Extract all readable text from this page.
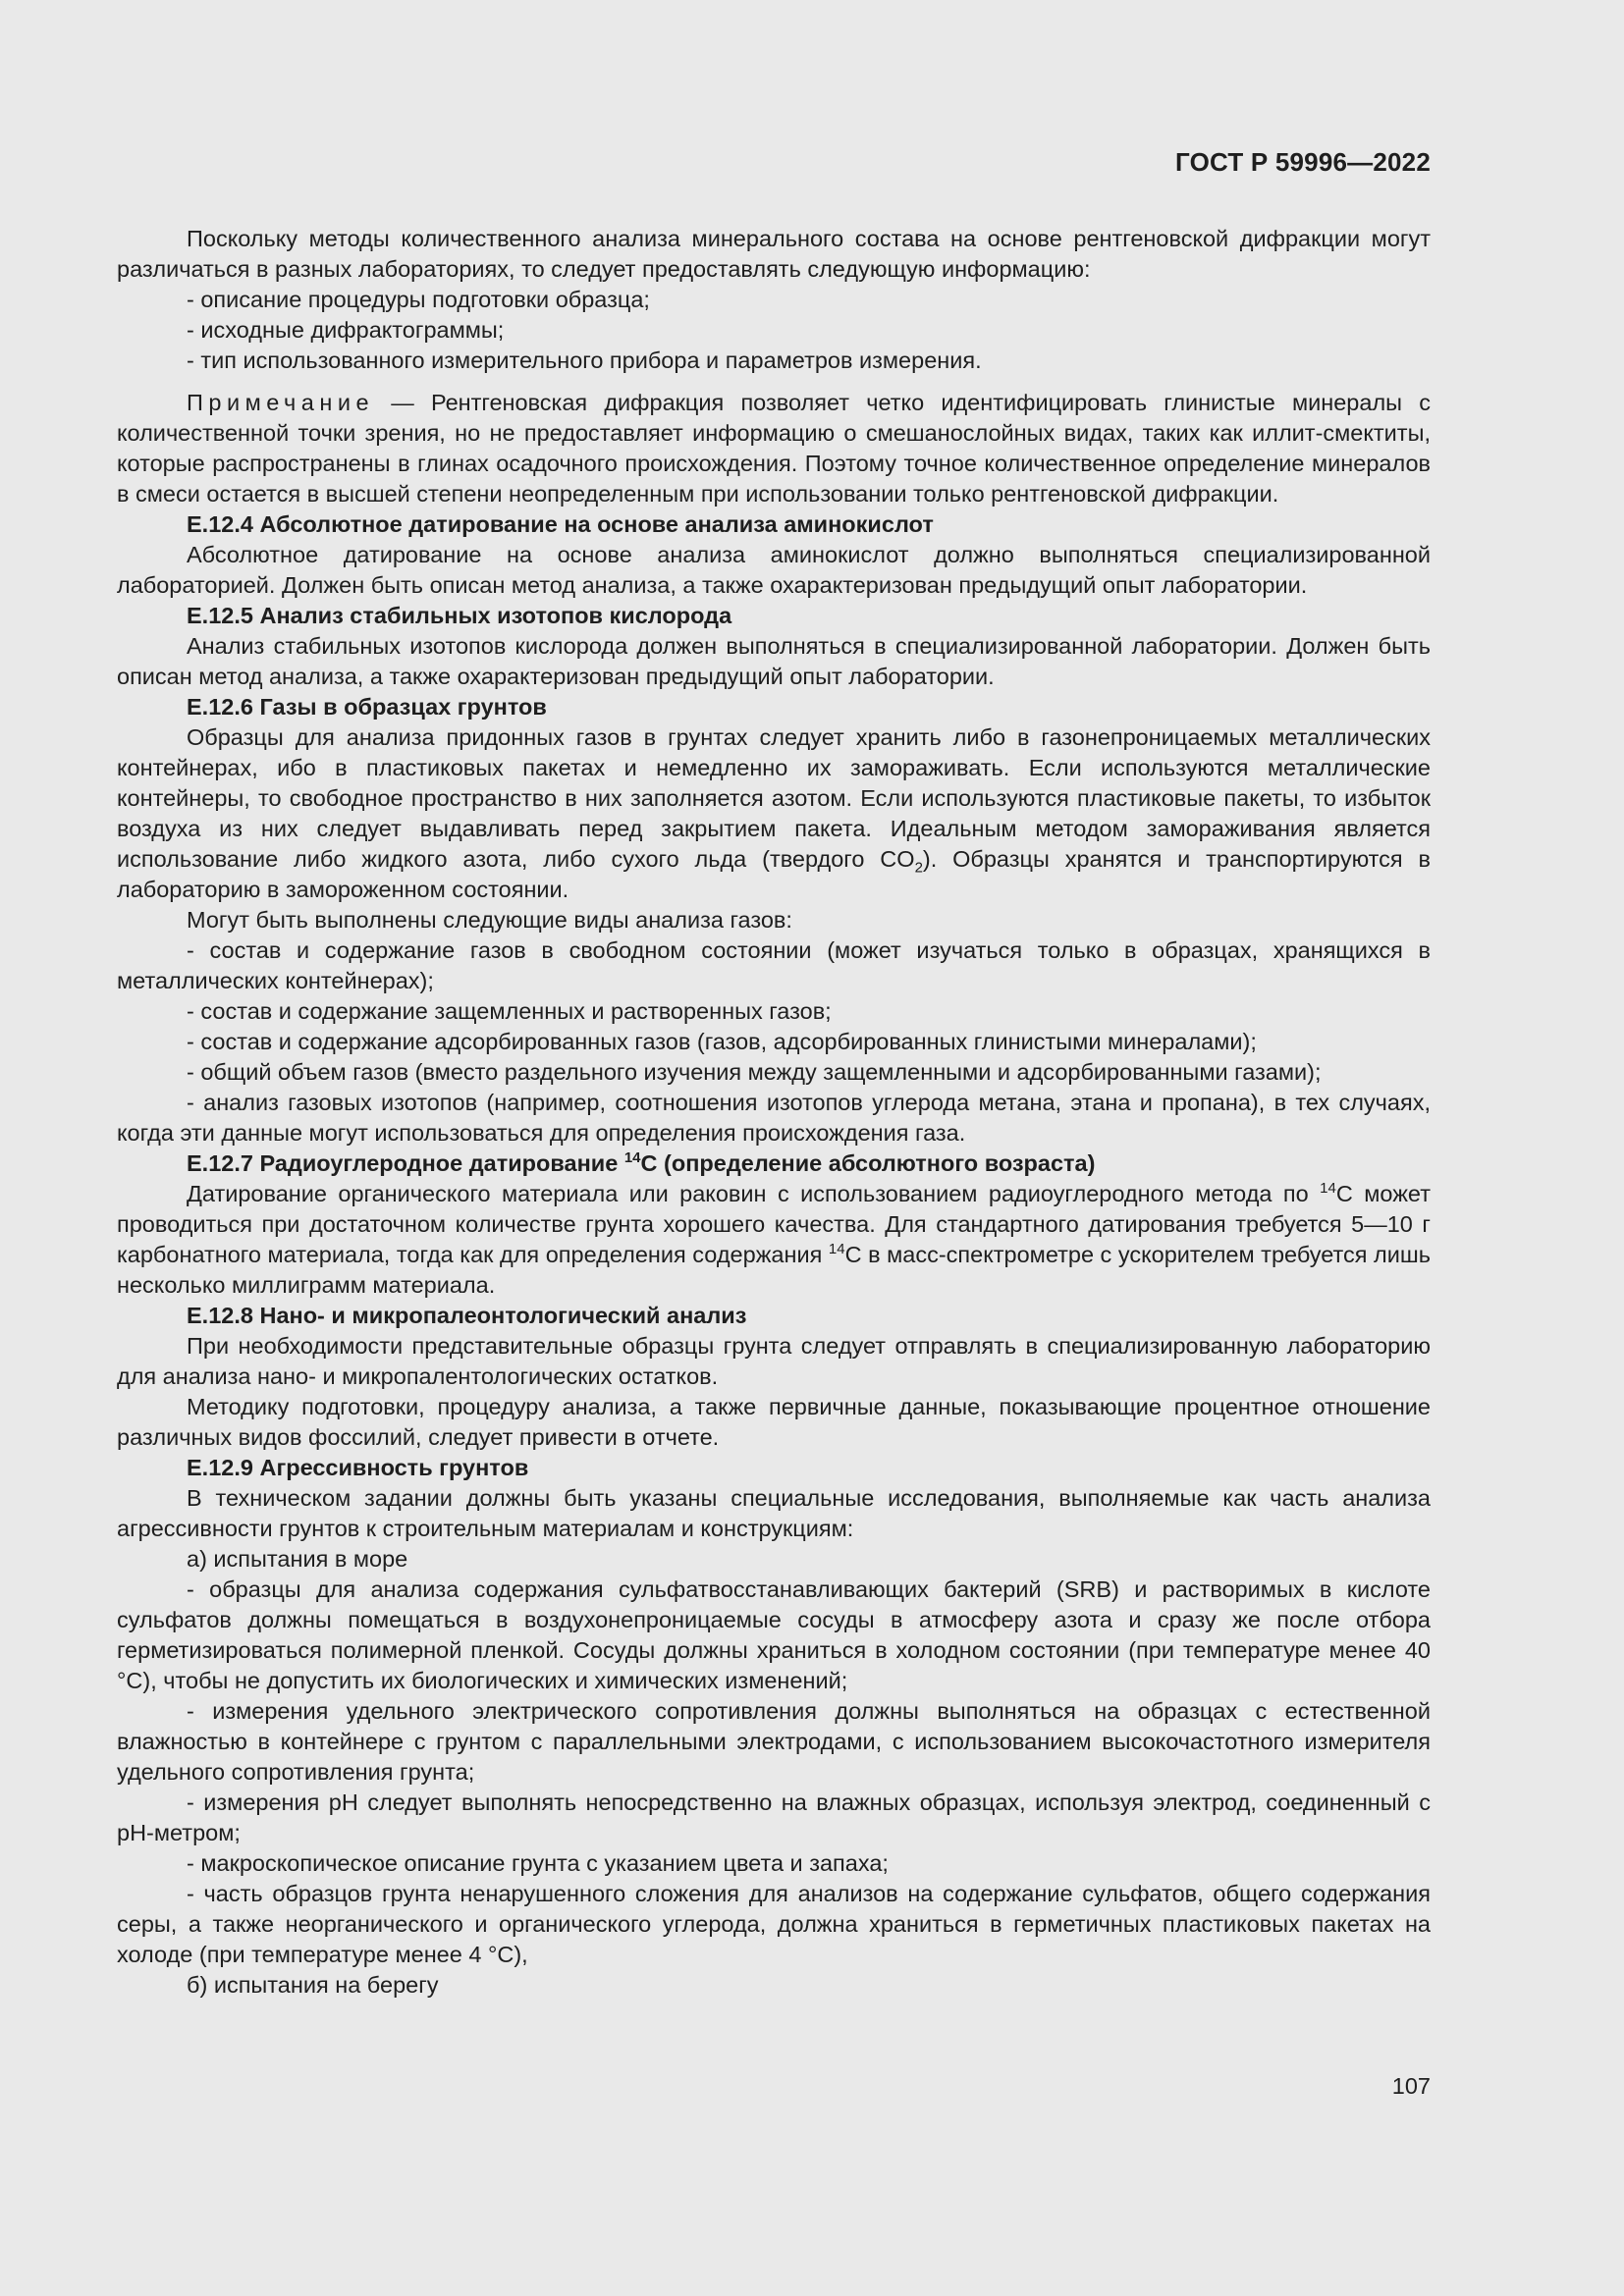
ГОСТ Р 59996—2022

Поскольку методы количественного анализа минерального состава на основе рентгеновской дифракции могут различаться в разных лабораториях, то следует предоставлять следующую информацию:

- описание процедуры подготовки образца;

- исходные дифрактограммы;

- тип использованного измерительного прибора и параметров измерения.

Примечание — Рентгеновская дифракция позволяет четко идентифицировать глинистые минералы с количественной точки зрения, но не предоставляет информацию о смешанослойных видах, таких как иллит-смектиты, которые распространены в глинах осадочного происхождения. Поэтому точное количественное определение минералов в смеси остается в высшей степени неопределенным при использовании только рентгеновской дифракции.

Е.12.4 Абсолютное датирование на основе анализа аминокислот

Абсолютное датирование на основе анализа аминокислот должно выполняться специализированной лабораторией. Должен быть описан метод анализа, а также охарактеризован предыдущий опыт лаборатории.

Е.12.5 Анализ стабильных изотопов кислорода

Анализ стабильных изотопов кислорода должен выполняться в специализированной лаборатории. Должен быть описан метод анализа, а также охарактеризован предыдущий опыт лаборатории.

Е.12.6 Газы в образцах грунтов

Образцы для анализа придонных газов в грунтах следует хранить либо в газонепроницаемых металлических контейнерах, ибо в пластиковых пакетах и немедленно их замораживать. Если используются металлические контейнеры, то свободное пространство в них заполняется азотом. Если используются пластиковые пакеты, то избыток воздуха из них следует выдавливать перед закрытием пакета. Идеальным методом замораживания является использование либо жидкого азота, либо сухого льда (твердого $CO_2$). Образцы хранятся и транспортируются в лабораторию в замороженном состоянии.

Могут быть выполнены следующие виды анализа газов:

- состав и содержание газов в свободном состоянии (может изучаться только в образцах, хранящихся в металлических контейнерах);

- состав и содержание защемленных и растворенных газов;

- состав и содержание адсорбированных газов (газов, адсорбированных глинистыми минералами);

- общий объем газов (вместо раздельного изучения между защемленными и адсорбированными газами);

- анализ газовых изотопов (например, соотношения изотопов углерода метана, этана и пропана), в тех случаях, когда эти данные могут использоваться для определения происхождения газа.

Е.12.7 Радиоуглеродное датирование $^{14}$С (определение абсолютного возраста)

Датирование органического материала или раковин с использованием радиоуглеродного метода по $^{14}$С может проводиться при достаточном количестве грунта хорошего качества. Для стандартного датирования требуется 5—10 г карбонатного материала, тогда как для определения содержания $^{14}$С в масс-спектрометре с ускорителем требуется лишь несколько миллиграмм материала.

Е.12.8 Нано- и микропалеонтологический анализ

При необходимости представительные образцы грунта следует отправлять в специализированную лабораторию для анализа нано- и микропалентологических остатков.

Методику подготовки, процедуру анализа, а также первичные данные, показывающие процентное отношение различных видов фоссилий, следует привести в отчете.

Е.12.9 Агрессивность грунтов

В техническом задании должны быть указаны специальные исследования, выполняемые как часть анализа агрессивности грунтов к строительным материалам и конструкциям:

а) испытания в море

- образцы для анализа содержания сульфатвосстанавливающих бактерий (SRB) и растворимых в кислоте сульфатов должны помещаться в воздухонепроницаемые сосуды в атмосферу азота и сразу же после отбора герметизироваться полимерной пленкой. Сосуды должны храниться в холодном состоянии (при температуре менее 40 °C), чтобы не допустить их биологических и химических изменений;

- измерения удельного электрического сопротивления должны выполняться на образцах с естественной влажностью в контейнере с грунтом с параллельными электродами, с использованием высокочастотного измерителя удельного сопротивления грунта;

- измерения pH следует выполнять непосредственно на влажных образцах, используя электрод, соединенный с pH-метром;

- макроскопическое описание грунта с указанием цвета и запаха;

- часть образцов грунта ненарушенного сложения для анализов на содержание сульфатов, общего содержания серы, а также неорганического и органического углерода, должна храниться в герметичных пластиковых пакетах на холоде (при температуре менее 4 °C),

б) испытания на берегу

107
